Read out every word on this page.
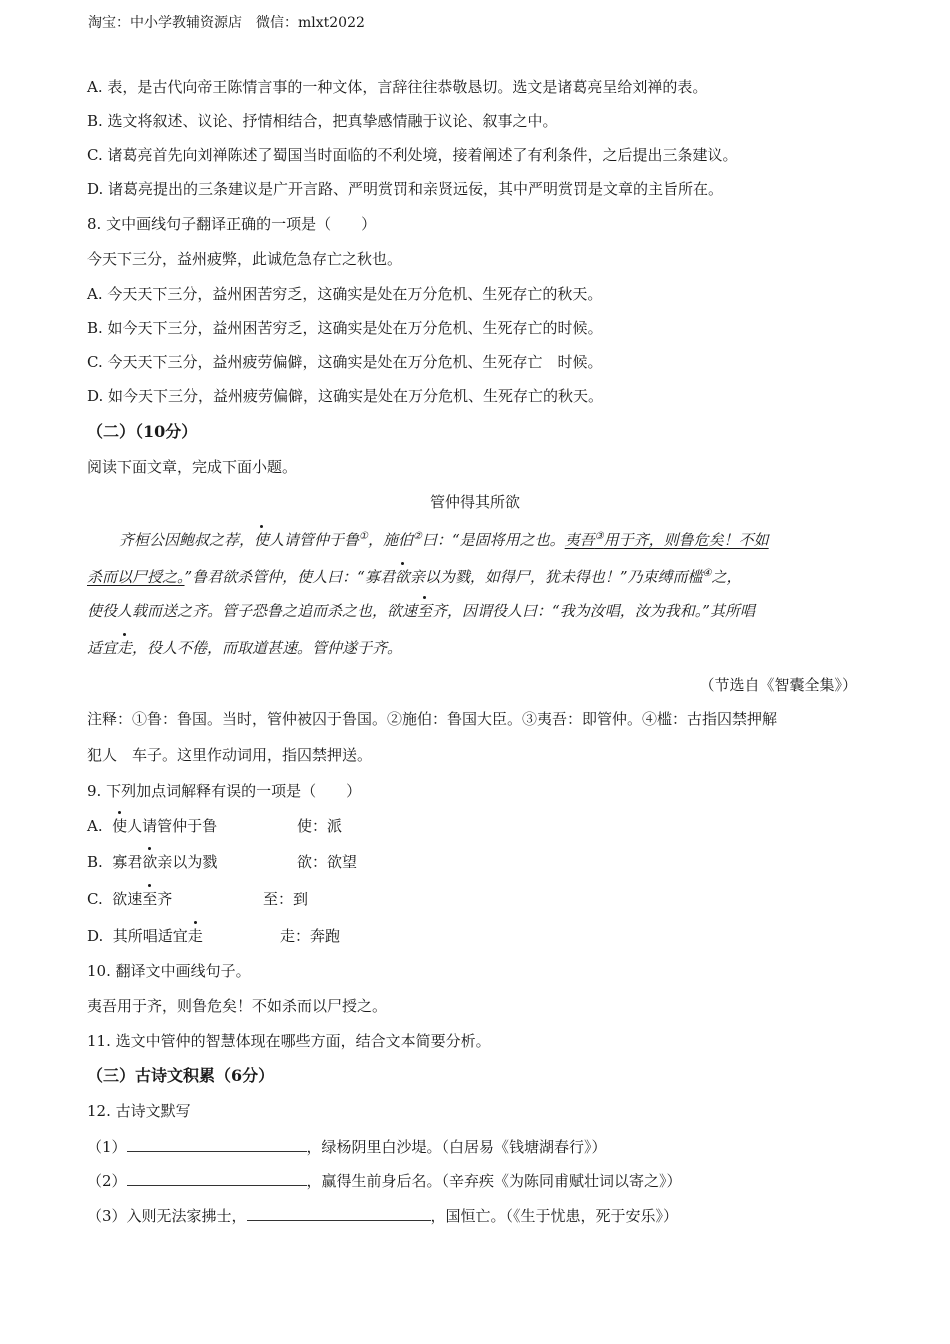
淘宝：中小学教辅资源店　微信：mlxt2022
A. 表，是古代向帝王陈情言事的一种文体，言辞往往恭敬恳切。选文是诸葛亮呈给刘禅的表。
B. 选文将叙述、议论、抒情相结合，把真挚感情融于议论、叙事之中。
C. 诸葛亮首先向刘禅陈述了蜀国当时面临的不利处境，接着阐述了有利条件，之后提出三条建议。
D. 诸葛亮提出的三条建议是广开言路、严明赏罚和亲贤远佞，其中严明赏罚是文章的主旨所在。
8. 文中画线句子翻译正确的一项是（　　）
今天下三分，益州疲弊，此诚危急存亡之秋也。
A. 今天天下三分，益州困苦穷乏，这确实是处在万分危机、生死存亡的秋天。
B. 如今天下三分，益州困苦穷乏，这确实是处在万分危机、生死存亡的时候。
C. 今天天下三分，益州疲劳偏僻，这确实是处在万分危机、生死存亡　时候。
D. 如今天下三分，益州疲劳偏僻，这确实是处在万分危机、生死存亡的秋天。
（二）（10分）
阅读下面文章，完成下面小题。
管仲得其所欲
齐桓公因鲍叔之荐，使人请管仲于鲁①，施伯②曰：“是固将用之也。夷吾③用于齐，则鲁危矣！不如
杀而以尸授之。”鲁君欲杀管仲，使人曰：“寡君欲亲以为戮，如得尸，犹未得也！”乃束缚而槛④之，
使役人载而送之齐。管子恐鲁之追而杀之也，欲速至齐，因谓役人曰：“我为汝唱，汝为我和。”其所唱
适宜走，役人不倦，而取道甚速。管仲遂于齐。
（节选自《智囊全集》）
注释：①鲁：鲁国。当时，管仲被囚于鲁国。②施伯：鲁国大臣。③夷吾：即管仲。④槛：古指囚禁押解
犯人　车子。这里作动词用，指囚禁押送。
9. 下列加点词解释有误的一项是（　　）
A.  使人请管仲于鲁	使：派
B.  寡君欲亲以为戮	欲：欲望
C.  欲速至齐	至：到
D.  其所唱适宜走	走：奔跑
10. 翻译文中画线句子。
夷吾用于齐，则鲁危矣！不如杀而以尸授之。
11. 选文中管仲的智慧体现在哪些方面，结合文本简要分析。
（三）古诗文积累（6分）
12. 古诗文默写
（1）	，绿杨阴里白沙堤。（白居易《钱塘湖春行》）
（2）	，赢得生前身后名。（辛弃疾《为陈同甫赋壮词以寄之》）
（3）入则无法家拂士，	，国恒亡。（《生于忧患，死于安乐》）
